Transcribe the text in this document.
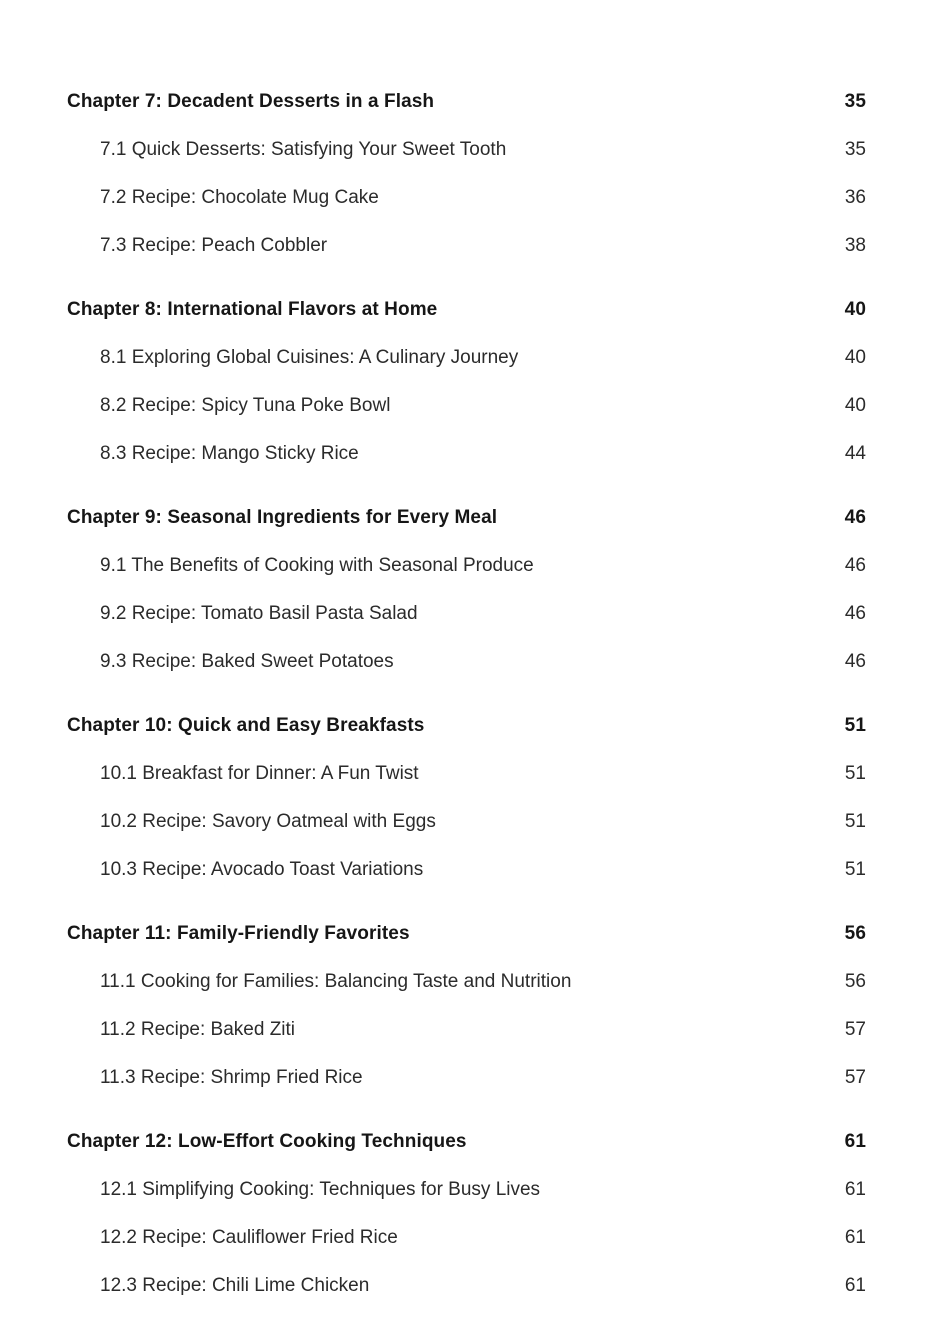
Chapter 7: Decadent Desserts in a Flash	35
7.1 Quick Desserts: Satisfying Your Sweet Tooth	35
7.2 Recipe: Chocolate Mug Cake	36
7.3 Recipe: Peach Cobbler	38
Chapter 8: International Flavors at Home	40
8.1 Exploring Global Cuisines: A Culinary Journey	40
8.2 Recipe: Spicy Tuna Poke Bowl	40
8.3 Recipe: Mango Sticky Rice	44
Chapter 9: Seasonal Ingredients for Every Meal	46
9.1 The Benefits of Cooking with Seasonal Produce	46
9.2 Recipe: Tomato Basil Pasta Salad	46
9.3 Recipe: Baked Sweet Potatoes	46
Chapter 10: Quick and Easy Breakfasts	51
10.1 Breakfast for Dinner: A Fun Twist	51
10.2 Recipe: Savory Oatmeal with Eggs	51
10.3 Recipe: Avocado Toast Variations	51
Chapter 11: Family-Friendly Favorites	56
11.1 Cooking for Families: Balancing Taste and Nutrition	56
11.2 Recipe: Baked Ziti	57
11.3 Recipe: Shrimp Fried Rice	57
Chapter 12: Low-Effort Cooking Techniques	61
12.1 Simplifying Cooking: Techniques for Busy Lives	61
12.2 Recipe: Cauliflower Fried Rice	61
12.3 Recipe: Chili Lime Chicken	61
